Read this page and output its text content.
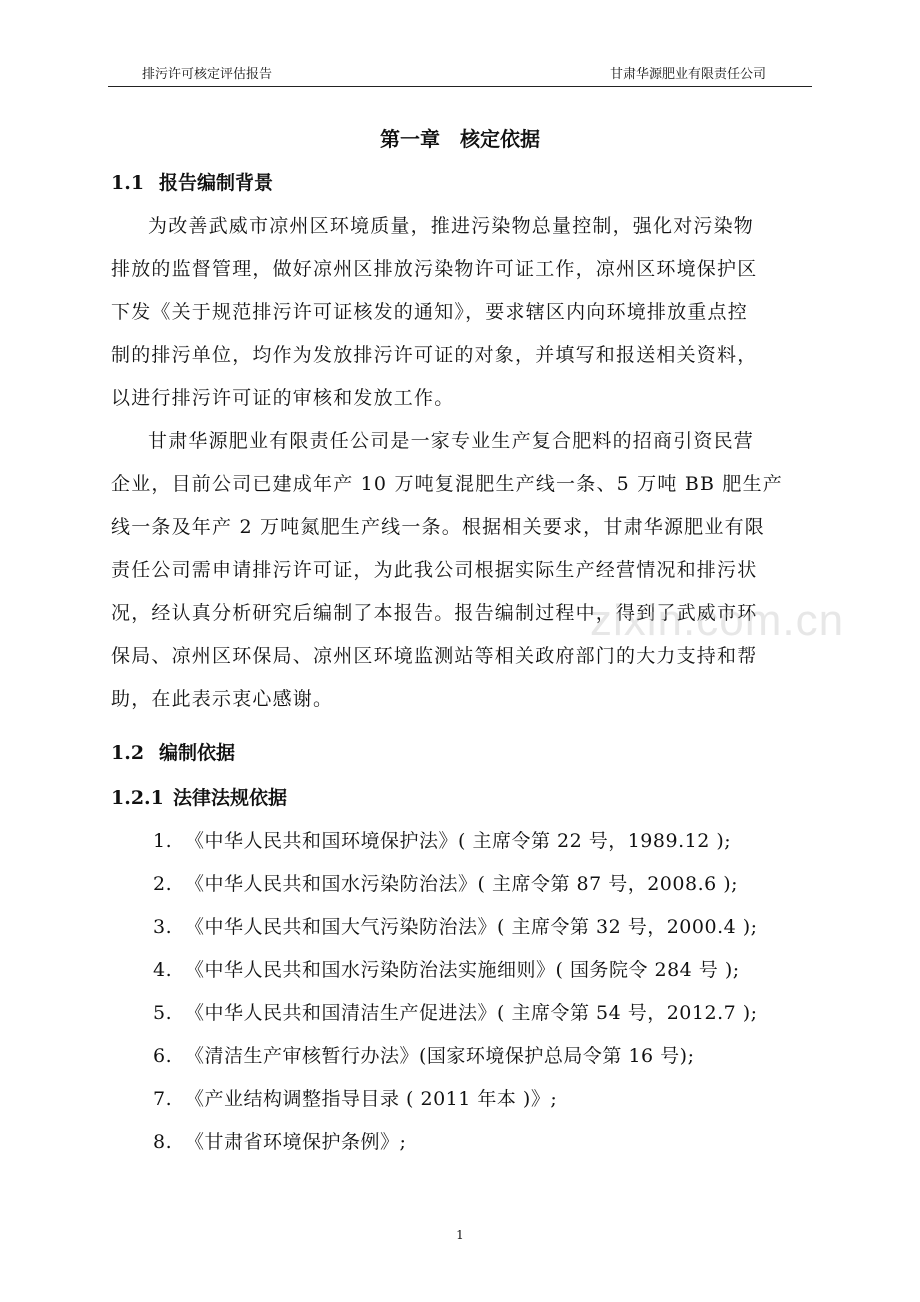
排污许可核定评估报告	甘肃华源肥业有限责任公司
第一章　核定依据
1.1 报告编制背景
为改善武威市凉州区环境质量，推进污染物总量控制，强化对污染物
排放的监督管理，做好凉州区排放污染物许可证工作，凉州区环境保护区
下发《关于规范排污许可证核发的通知》，要求辖区内向环境排放重点控
制的排污单位，均作为发放排污许可证的对象，并填写和报送相关资料，
以进行排污许可证的审核和发放工作。
甘肃华源肥业有限责任公司是一家专业生产复合肥料的招商引资民营
企业，目前公司已建成年产 10 万吨复混肥生产线一条、5 万吨 BB 肥生产
线一条及年产 2 万吨氮肥生产线一条。根据相关要求，甘肃华源肥业有限
责任公司需申请排污许可证，为此我公司根据实际生产经营情况和排污状
况，经认真分析研究后编制了本报告。报告编制过程中，得到了武威市环
保局、凉州区环保局、凉州区环境监测站等相关政府部门的大力支持和帮
助，在此表示衷心感谢。
zixin.com.cn
1.2 编制依据
1.2.1 法律法规依据
1. 《中华人民共和国环境保护法》( 主席令第 22 号，1989.12 );
2. 《中华人民共和国水污染防治法》( 主席令第 87 号，2008.6 );
3. 《中华人民共和国大气污染防治法》( 主席令第 32 号，2000.4 );
4. 《中华人民共和国水污染防治法实施细则》( 国务院令 284 号 );
5. 《中华人民共和国清洁生产促进法》( 主席令第 54 号，2012.7 );
6. 《清洁生产审核暂行办法》(国家环境保护总局令第 16 号);
7. 《产业结构调整指导目录 ( 2011 年本 )》;
8. 《甘肃省环境保护条例》;
1
